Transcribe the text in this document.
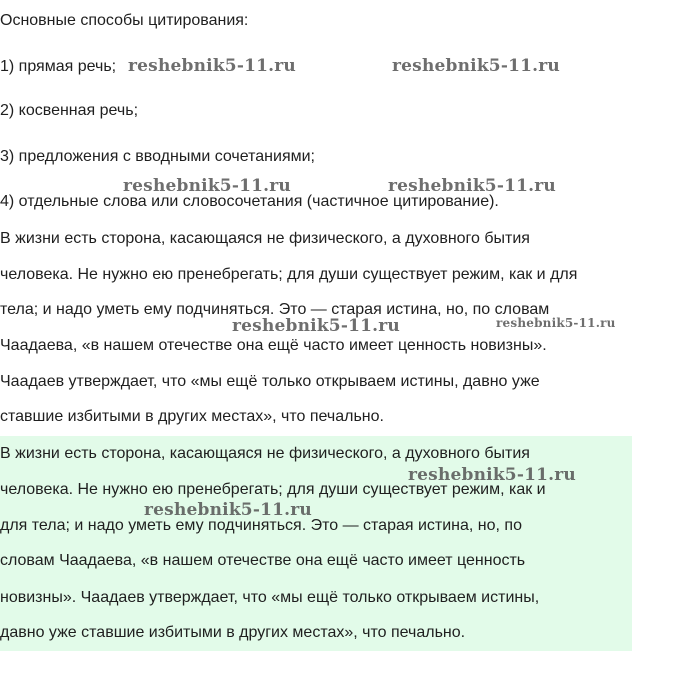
Основные способы цитирования:
1) прямая речь;
2) косвенная речь;
3) предложения с вводными сочетаниями;
4) отдельные слова или словосочетания (частичное цитирование).
В жизни есть сторона, касающаяся не физического, а духовного бытия
человека. Не нужно ею пренебрегать; для души существует режим, как и для
тела; и надо уметь ему подчиняться. Это — старая истина, но, по словам
Чаадаева, «в нашем отечестве она ещё часто имеет ценность новизны».
Чаадаев утверждает, что «мы ещё только открываем истины, давно уже
ставшие избитыми в других местах», что печально.
В жизни есть сторона, касающаяся не физического, а духовного бытия
человека. Не нужно ею пренебрегать; для души существует режим, как и
для тела; и надо уметь ему подчиняться. Это — старая истина, но, по
словам Чаадаева, «в нашем отечестве она ещё часто имеет ценность
новизны». Чаадаев утверждает, что «мы ещё только открываем истины,
давно уже ставшие избитыми в других местах», что печально.
reshebnik5-11.ru	reshebnik5-11.ru
reshebnik5-11.ru	reshebnik5-11.ru
reshebnik5-11.ru	reshebnik5-11.ru
reshebnik5-11.ru
reshebnik5-11.ru
